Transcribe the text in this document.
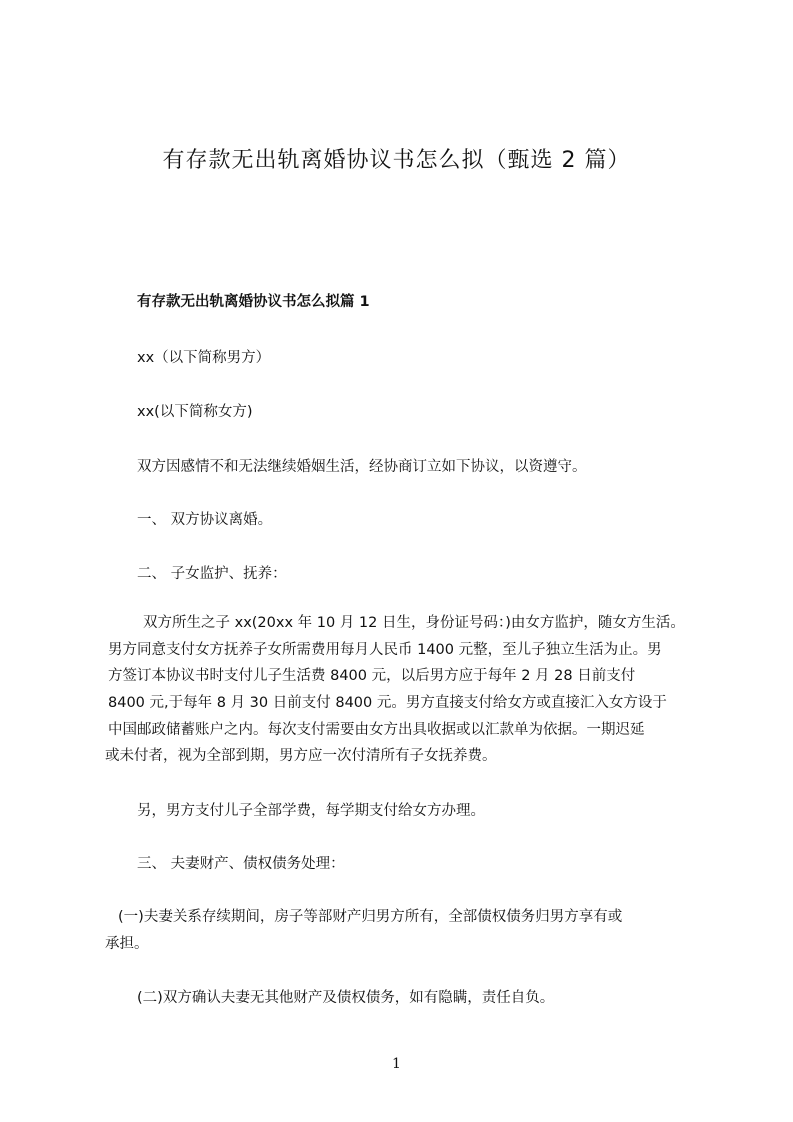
有存款无出轨离婚协议书怎么拟（甄选 2 篇）
有存款无出轨离婚协议书怎么拟篇 1
xx（以下简称男方）
xx(以下简称女方)
双方因感情不和无法继续婚姻生活，经协商订立如下协议，以资遵守。
一、 双方协议离婚。
二、 子女监护、抚养：
双方所生之子 xx(20xx 年 10 月 12 日生，身份证号码：)由女方监护，随女方生活。
男方同意支付女方抚养子女所需费用每月人民币 1400 元整，至儿子独立生活为止。男
方签订本协议书时支付儿子生活费 8400 元，以后男方应于每年 2 月 28 日前支付
8400 元,于每年 8 月 30 日前支付 8400 元。男方直接支付给女方或直接汇入女方设于
中国邮政储蓄账户之内。每次支付需要由女方出具收据或以汇款单为依据。一期迟延
或未付者，视为全部到期，男方应一次付清所有子女抚养费。
另，男方支付儿子全部学费，每学期支付给女方办理。
三、 夫妻财产、债权债务处理：
(一)夫妻关系存续期间，房子等部财产归男方所有，全部债权债务归男方享有或
承担。
(二)双方确认夫妻无其他财产及债权债务，如有隐瞒，责任自负。
1
